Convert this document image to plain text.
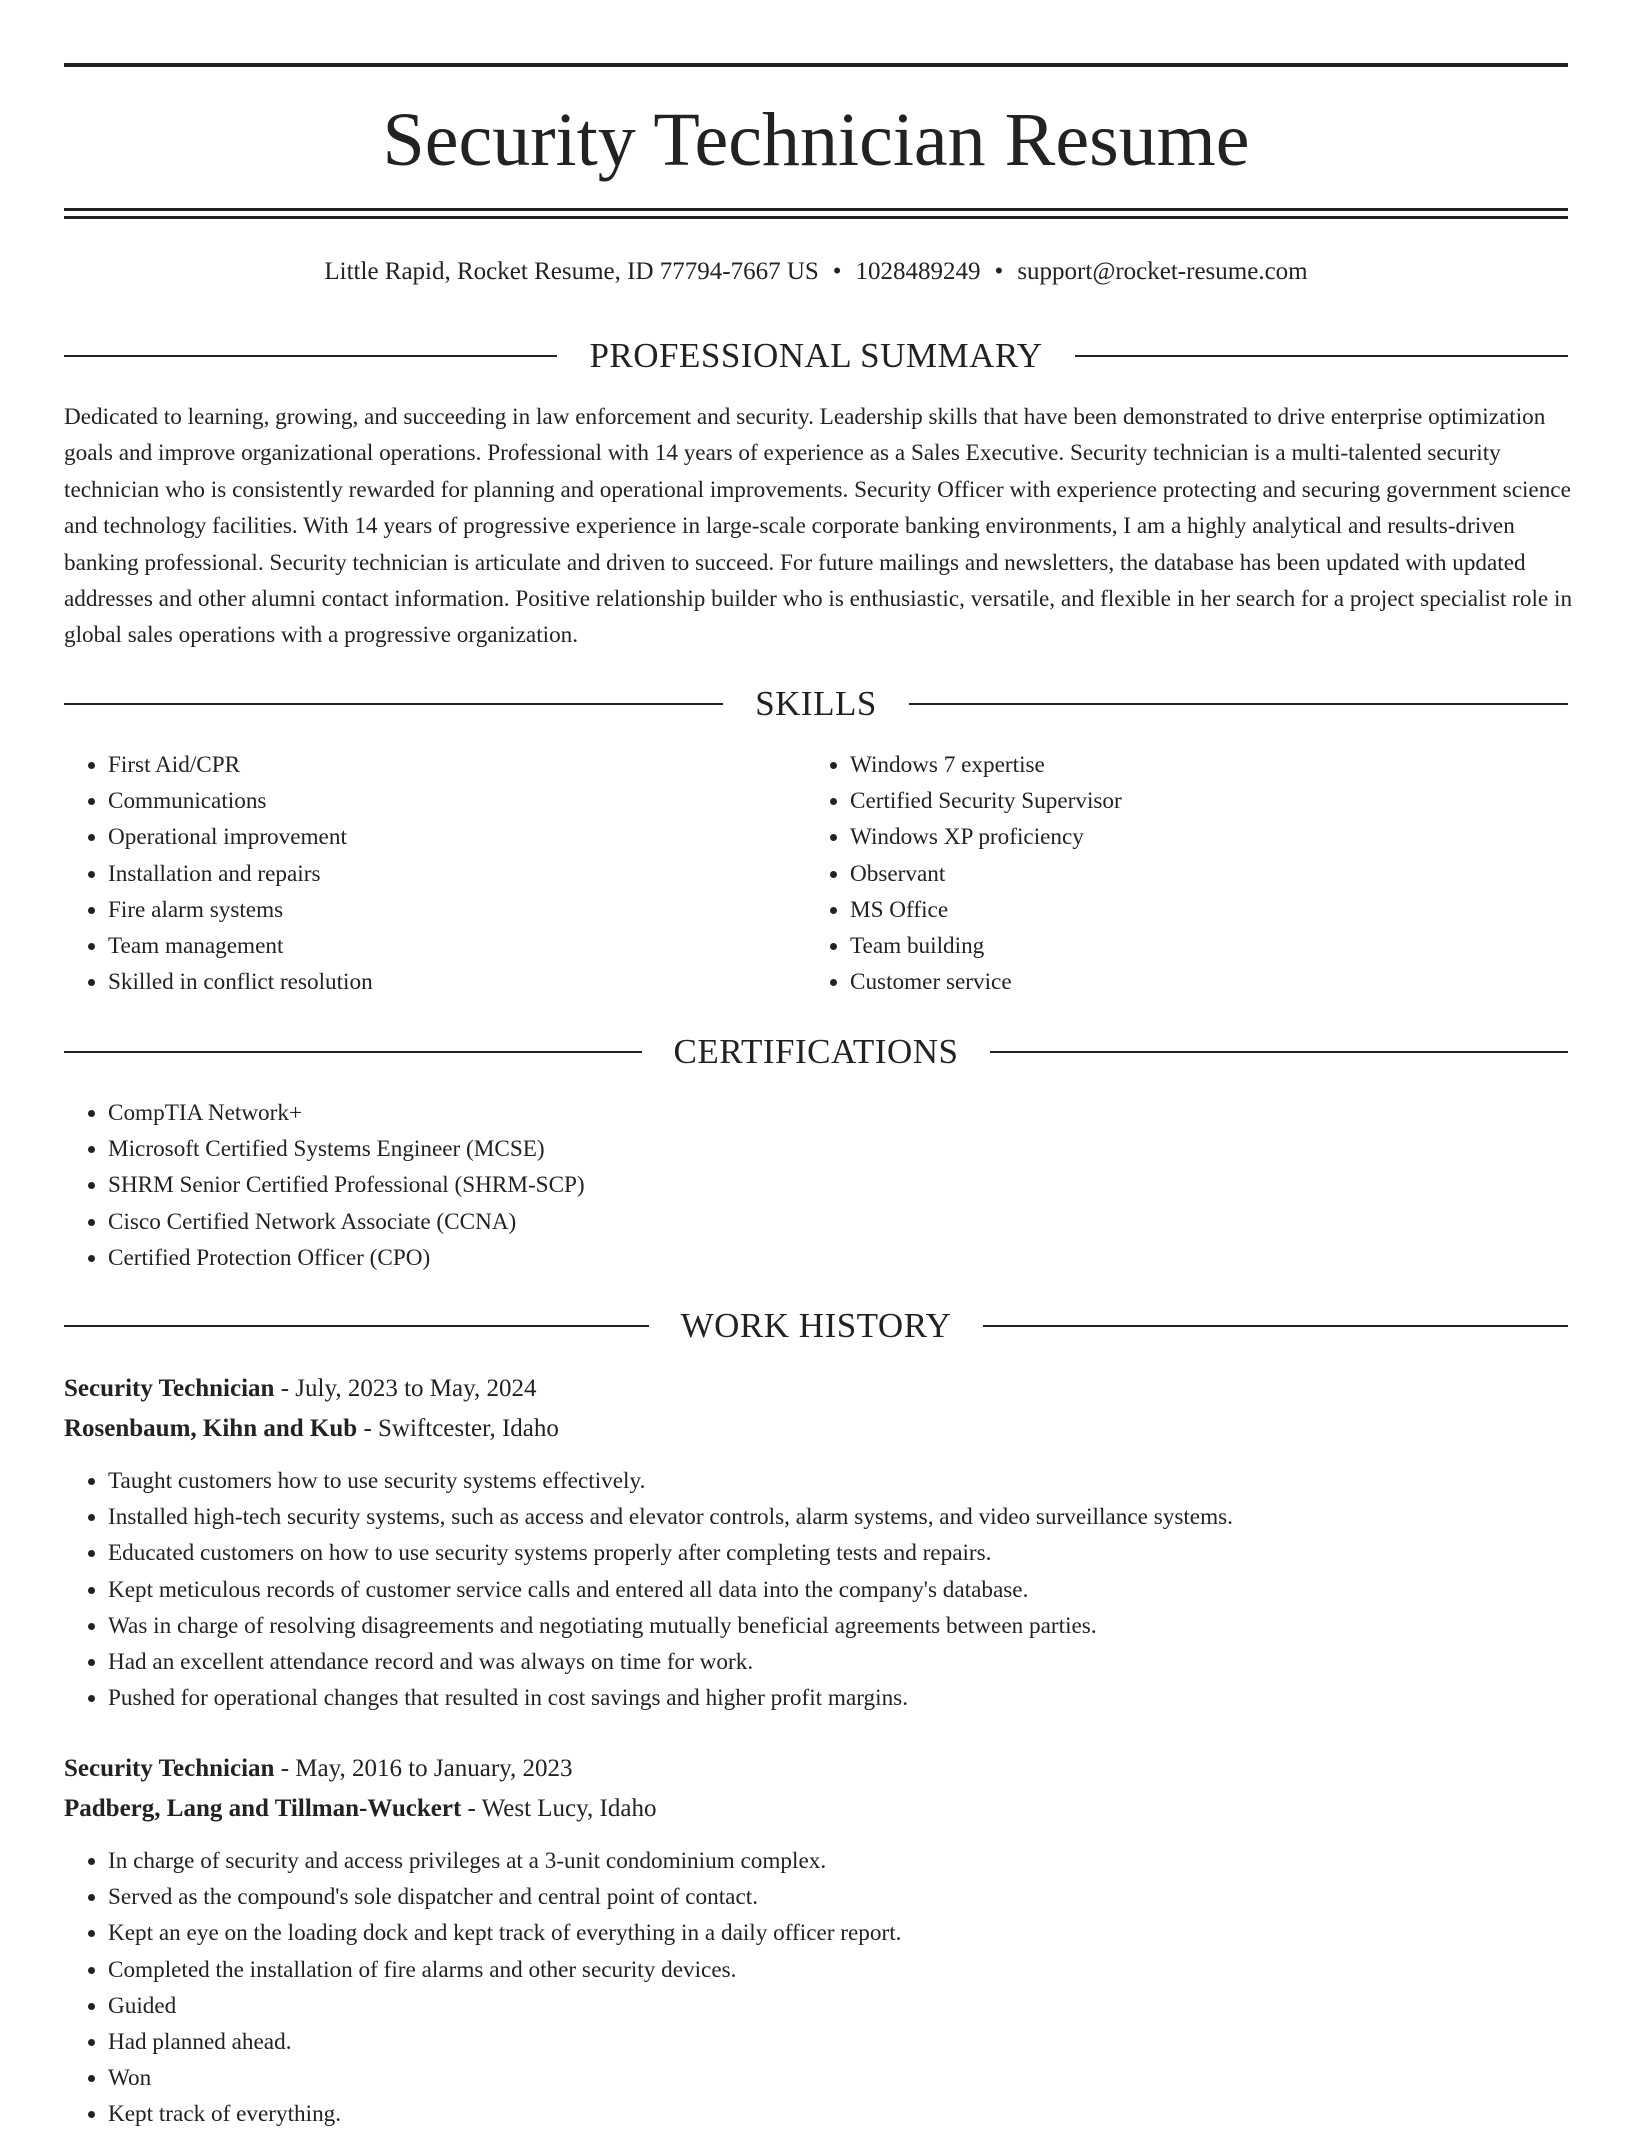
Security Technician Resume
Little Rapid, Rocket Resume, ID 77794-7667 US • 1028489249 • support@rocket-resume.com
PROFESSIONAL SUMMARY

Dedicated to learning, growing, and succeeding in law enforcement and security. Leadership skills that have been demonstrated to drive enterprise optimization goals and improve organizational operations. Professional with 14 years of experience as a Sales Executive. Security technician is a multi-talented security technician who is consistently rewarded for planning and operational improvements. Security Officer with experience protecting and securing government science and technology facilities. With 14 years of progressive experience in large-scale corporate banking environments, I am a highly analytical and results-driven banking professional. Security technician is articulate and driven to succeed. For future mailings and newsletters, the database has been updated with updated addresses and other alumni contact information. Positive relationship builder who is enthusiastic, versatile, and flexible in her search for a project specialist role in global sales operations with a progressive organization.

SKILLS
• First Aid/CPR
• Communications
• Operational improvement
• Installation and repairs
• Fire alarm systems
• Team management
• Skilled in conflict resolution
• Windows 7 expertise
• Certified Security Supervisor
• Windows XP proficiency
• Observant
• MS Office
• Team building
• Customer service
CERTIFICATIONS
• CompTIA Network+
• Microsoft Certified Systems Engineer (MCSE)
• SHRM Senior Certified Professional (SHRM-SCP)
• Cisco Certified Network Associate (CCNA)
• Certified Protection Officer (CPO)
WORK HISTORY
Security Technician - July, 2023 to May, 2024
Rosenbaum, Kihn and Kub - Swiftcester, Idaho
• Taught customers how to use security systems effectively.
• Installed high-tech security systems, such as access and elevator controls, alarm systems, and video surveillance systems.
• Educated customers on how to use security systems properly after completing tests and repairs.
• Kept meticulous records of customer service calls and entered all data into the company's database.
• Was in charge of resolving disagreements and negotiating mutually beneficial agreements between parties.
• Had an excellent attendance record and was always on time for work.
• Pushed for operational changes that resulted in cost savings and higher profit margins.
Security Technician - May, 2016 to January, 2023
Padberg, Lang and Tillman-Wuckert - West Lucy, Idaho
• In charge of security and access privileges at a 3-unit condominium complex.
• Served as the compound's sole dispatcher and central point of contact.
• Kept an eye on the loading dock and kept track of everything in a daily officer report.
• Completed the installation of fire alarms and other security devices.
• Guided
• Had planned ahead.
• Won
• Kept track of everything.
